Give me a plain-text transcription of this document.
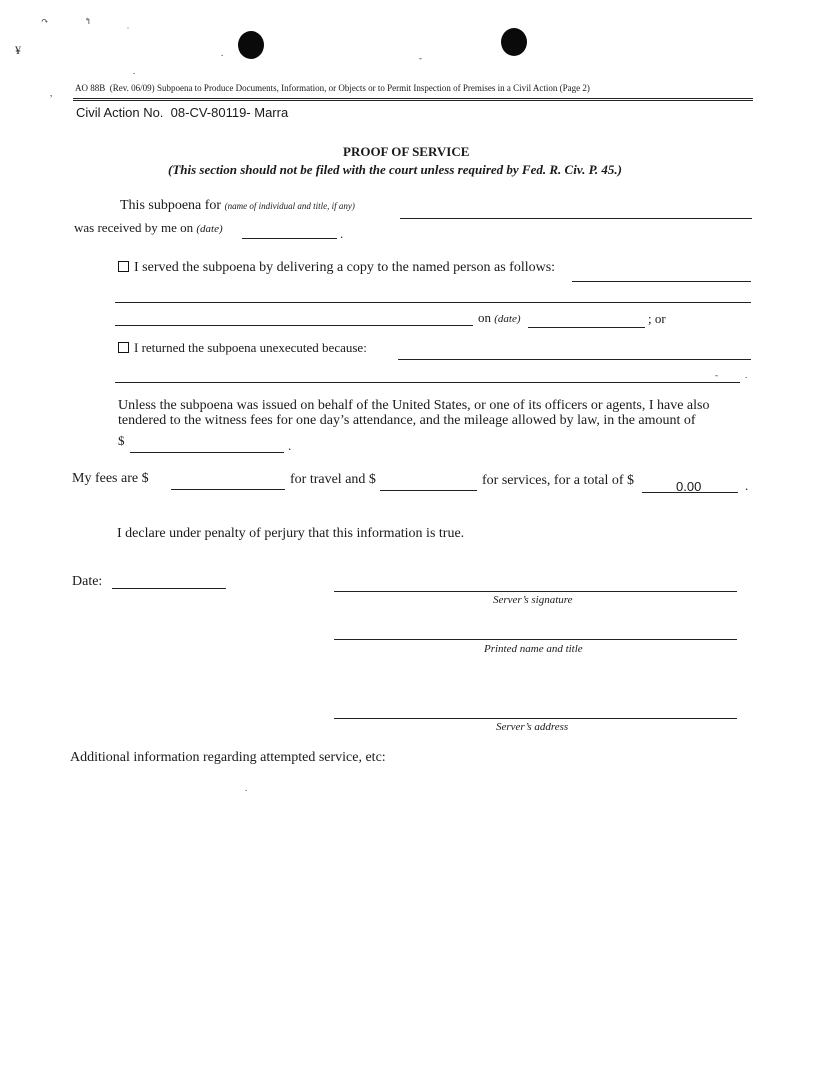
↷	↰
¥	.	-
.
,
.
AO 88B (Rev. 06/09) Subpoena to Produce Documents, Information, or Objects or to Permit Inspection of Premises in a Civil Action (Page 2)
Civil Action No. 08-CV-80119- Marra
PROOF OF SERVICE
(This section should not be filed with the court unless required by Fed. R. Civ. P. 45.)
This subpoena for (name of individual and title, if any)
was received by me on (date)	.
I served the subpoena by delivering a copy to the named person as follows:
on (date)	; or
I returned the subpoena unexecuted because:
-	.
Unless the subpoena was issued on behalf of the United States, or one of its officers or agents, I have also
tendered to the witness fees for one day’s attendance, and the mileage allowed by law, in the amount of
$	.
My fees are $	for travel and $	for services, for a total of $	0.00	.
I declare under penalty of perjury that this information is true.
Date:
Server’s signature
Printed name and title
Server’s address
Additional information regarding attempted service, etc:
